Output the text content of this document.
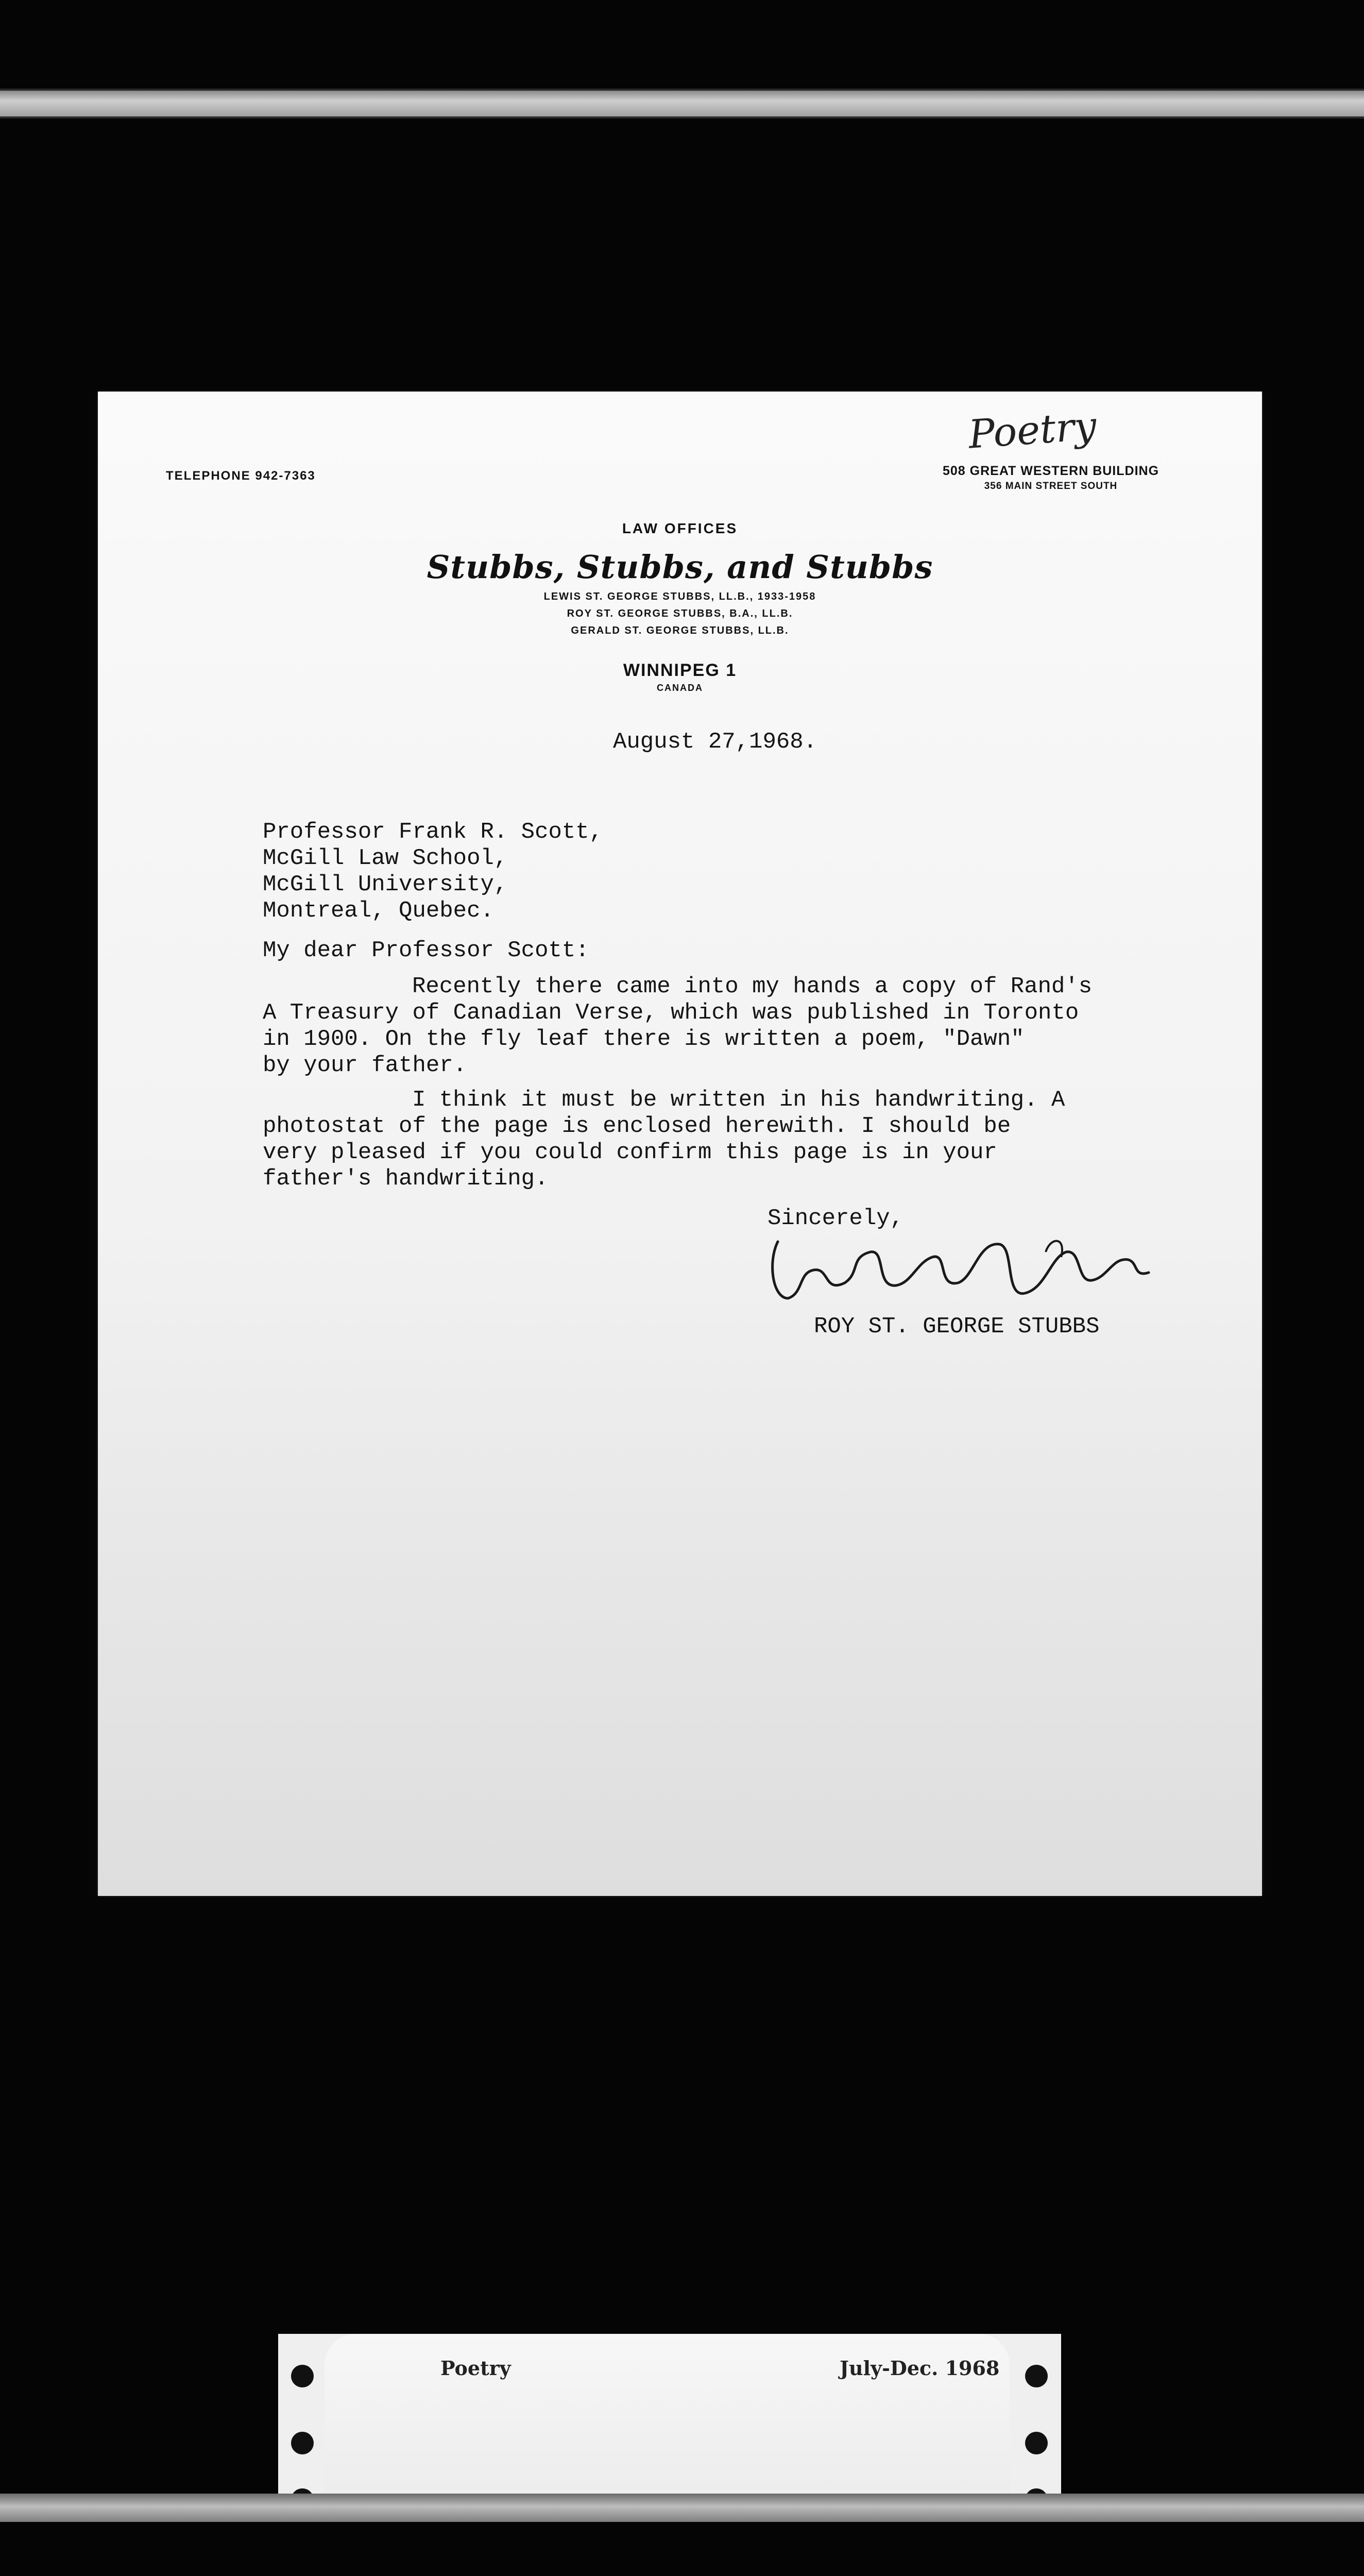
Poetry
TELEPHONE 942-7363	508 GREAT WESTERN BUILDING
356 MAIN STREET SOUTH
LAW OFFICES
Stubbs, Stubbs, and Stubbs
LEWIS ST. GEORGE STUBBS, LL.B., 1933-1958
ROY ST. GEORGE STUBBS, B.A., LL.B.
GERALD ST. GEORGE STUBBS, LL.B.
WINNIPEG 1
CANADA
August 27,1968.
Professor Frank R. Scott,
McGill Law School,
McGill University,
Montreal, Quebec.
My dear Professor Scott:
Recently there came into my hands a copy of Rand's
A Treasury of Canadian Verse, which was published in Toronto
in 1900. On the fly leaf there is written a poem, "Dawn"
by your father.
I think it must be written in his handwriting. A
photostat of the page is enclosed herewith. I should be
very pleased if you could confirm this page is in your
father's handwriting.
Sincerely,
ROY ST. GEORGE STUBBS
Poetry	July-Dec. 1968
